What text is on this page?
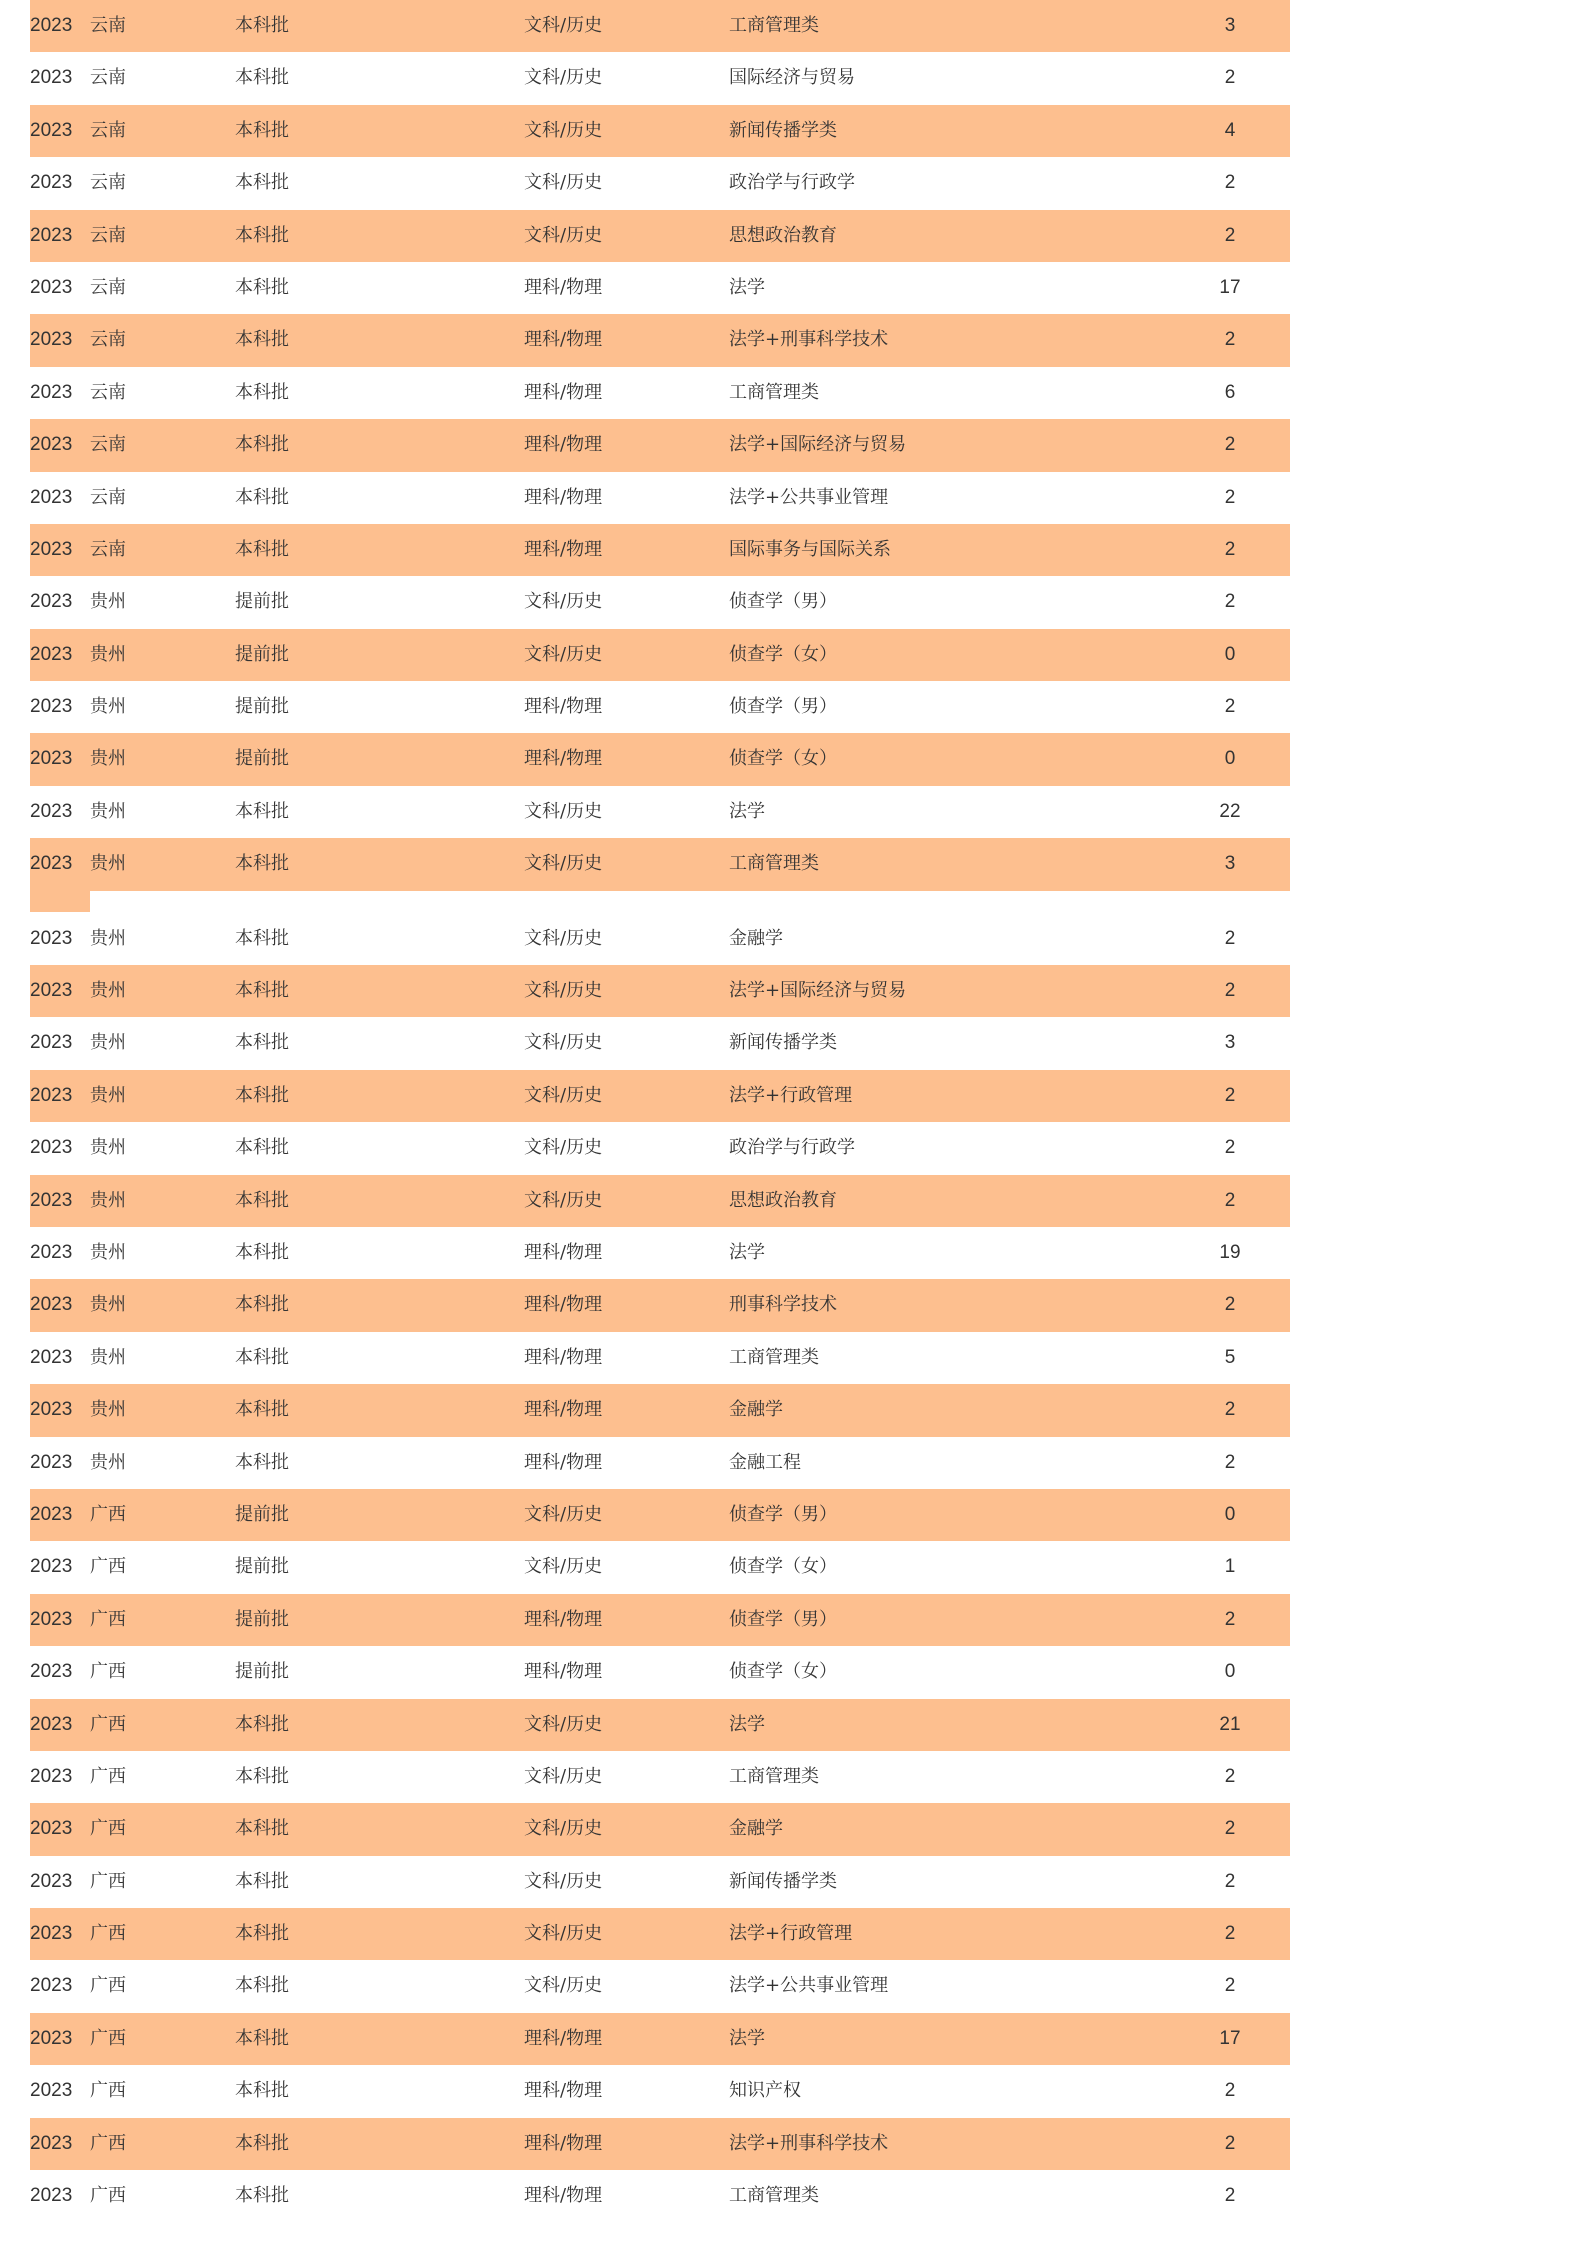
2023 云南	本科批	文科/历史	工商管理类	3
2023 云南	本科批	文科/历史	国际经济与贸易	2
2023 云南	本科批	文科/历史	新闻传播学类	4
2023 云南	本科批	文科/历史	政治学与行政学	2
2023 云南	本科批	文科/历史	思想政治教育	2
2023 云南	本科批	理科/物理	法学	17
2023 云南	本科批	理科/物理	法学+刑事科学技术	2
2023 云南	本科批	理科/物理	工商管理类	6
2023 云南	本科批	理科/物理	法学+国际经济与贸易	2
2023 云南	本科批	理科/物理	法学+公共事业管理	2
2023 云南	本科批	理科/物理	国际事务与国际关系	2
2023 贵州	提前批	文科/历史	侦查学（男）	2
2023 贵州	提前批	文科/历史	侦查学（女）	0
2023 贵州	提前批	理科/物理	侦查学（男）	2
2023 贵州	提前批	理科/物理	侦查学（女）	0
2023 贵州	本科批	文科/历史	法学	22
2023 贵州	本科批	文科/历史	工商管理类	3
2023 贵州	本科批	文科/历史	金融学	2
2023 贵州	本科批	文科/历史	法学+国际经济与贸易	2
2023 贵州	本科批	文科/历史	新闻传播学类	3
2023 贵州	本科批	文科/历史	法学+行政管理	2
2023 贵州	本科批	文科/历史	政治学与行政学	2
2023 贵州	本科批	文科/历史	思想政治教育	2
2023 贵州	本科批	理科/物理	法学	19
2023 贵州	本科批	理科/物理	刑事科学技术	2
2023 贵州	本科批	理科/物理	工商管理类	5
2023 贵州	本科批	理科/物理	金融学	2
2023 贵州	本科批	理科/物理	金融工程	2
2023 广西	提前批	文科/历史	侦查学（男）	0
2023 广西	提前批	文科/历史	侦查学（女）	1
2023 广西	提前批	理科/物理	侦查学（男）	2
2023 广西	提前批	理科/物理	侦查学（女）	0
2023 广西	本科批	文科/历史	法学	21
2023 广西	本科批	文科/历史	工商管理类	2
2023 广西	本科批	文科/历史	金融学	2
2023 广西	本科批	文科/历史	新闻传播学类	2
2023 广西	本科批	文科/历史	法学+行政管理	2
2023 广西	本科批	文科/历史	法学+公共事业管理	2
2023 广西	本科批	理科/物理	法学	17
2023 广西	本科批	理科/物理	知识产权	2
2023 广西	本科批	理科/物理	法学+刑事科学技术	2
2023 广西	本科批	理科/物理	工商管理类	2
